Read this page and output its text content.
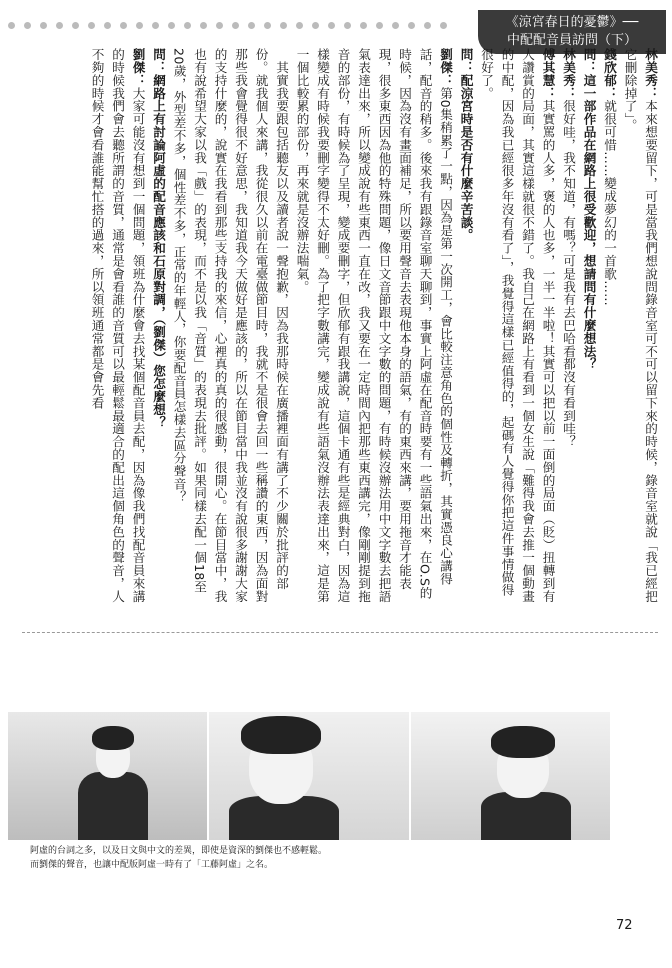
《涼宮春日的憂鬱》──
中配配音員訪問（下）

林美秀：本來想要留下，可是當我們想說問錄音室可不可以留下來的時候，錄音室就說「我已經把它刪除掉了」。

錢欣郁：就很可惜……變成夢幻的一首歌……

問：這一部作品在網路上很受歡迎，想請問有什麼想法？

林美秀：很好哇，我不知道，有嗎？可是我有去巴哈看都沒有看到哇？

傅其慧：其實罵的人多，褒的人也多，一半一半啦！其實可以把以前一面倒的局面（貶）扭轉到有人讚賞的局面，其實這樣就很不錯了。我自己在網路上有看到一個女生說「難得我會去推一個動畫的中配，因為我已經很多年沒有看了」，我覺得這樣已經值得的，起碼有人覺得你把這件事情做得很好了。

問：配涼宮時是否有什麼辛苦談。

劉傑：第0集稍累了一點，因為是第一次開工，會比較注意角色的個性及轉折，其實憑良心講得話，配音的稍多。後來我有跟錄音室聊天聊到，事實上阿虛在配音時要有一些語氣出來，在O.S的時候，因為沒有畫面補足，所以要用聲音去表現他本身的語氣，有的東西來講，要用拖音才能表現，很多東西因為他的特殊問題，像日文音節跟中文字數的問題，有時候沒辦法用中文字數去把語氣表達出來，所以變成說有些東西一直在改，我又要在一定時間內把那些東西講完，像剛剛提到拖音的部份，有時候為了呈現，變成要刪字，但欣郁有跟我講說，這個卡通有些是經典對白，因為這樣變成有時候我要刪字變得不太好刪。為了把字數講完，變成說有些語氣沒辦法表達出來，這是第一個比較累的部份，再來就是沒辦法喘氣。

　其實我要跟包括聽友以及讀者說一聲抱歉，因為我那時候在廣播裡面有講了不少關於批評的部份。就我個人來講，我從很久以前在電臺做節目時，我就不是很會去回一些稱讚的東西，因為面對那些我會覺得很不好意思，我知道我今天做好是應該的，所以在節目當中我並沒有說很多謝謝大家的支持什麼的，說實在我看到那些支持我的來信，心裡真的真的很感動，很開心。在節目當中，我也有說希望大家以我「戲」的表現，而不是以我「音質」的表現去批評。如果同樣去配一個18至20歲，外型差不多，個性差不多，正常的年輕人，你要配音員怎樣去區分聲音？

問：網路上有討論阿虛的配音應該和石原對調，（劉傑）您怎麼想？

劉傑：大家可能沒有想到一個問題，領班為什麼會去找某個配音員去配，因為像我們找配音員來講的時候我們會去聽所謂的音質，通常是會看誰的音質可以最輕鬆最適合的配出這個角色的聲音，人不夠的時候才會看誰能幫忙搭的過來，所以領班通常都是會先看

阿虛的台詞之多，以及日文與中文的差異，即使是資深的劉傑也不感輕鬆。
而劉傑的聲音，也讓中配版阿虛一時有了「工藤阿虛」之名。
72
